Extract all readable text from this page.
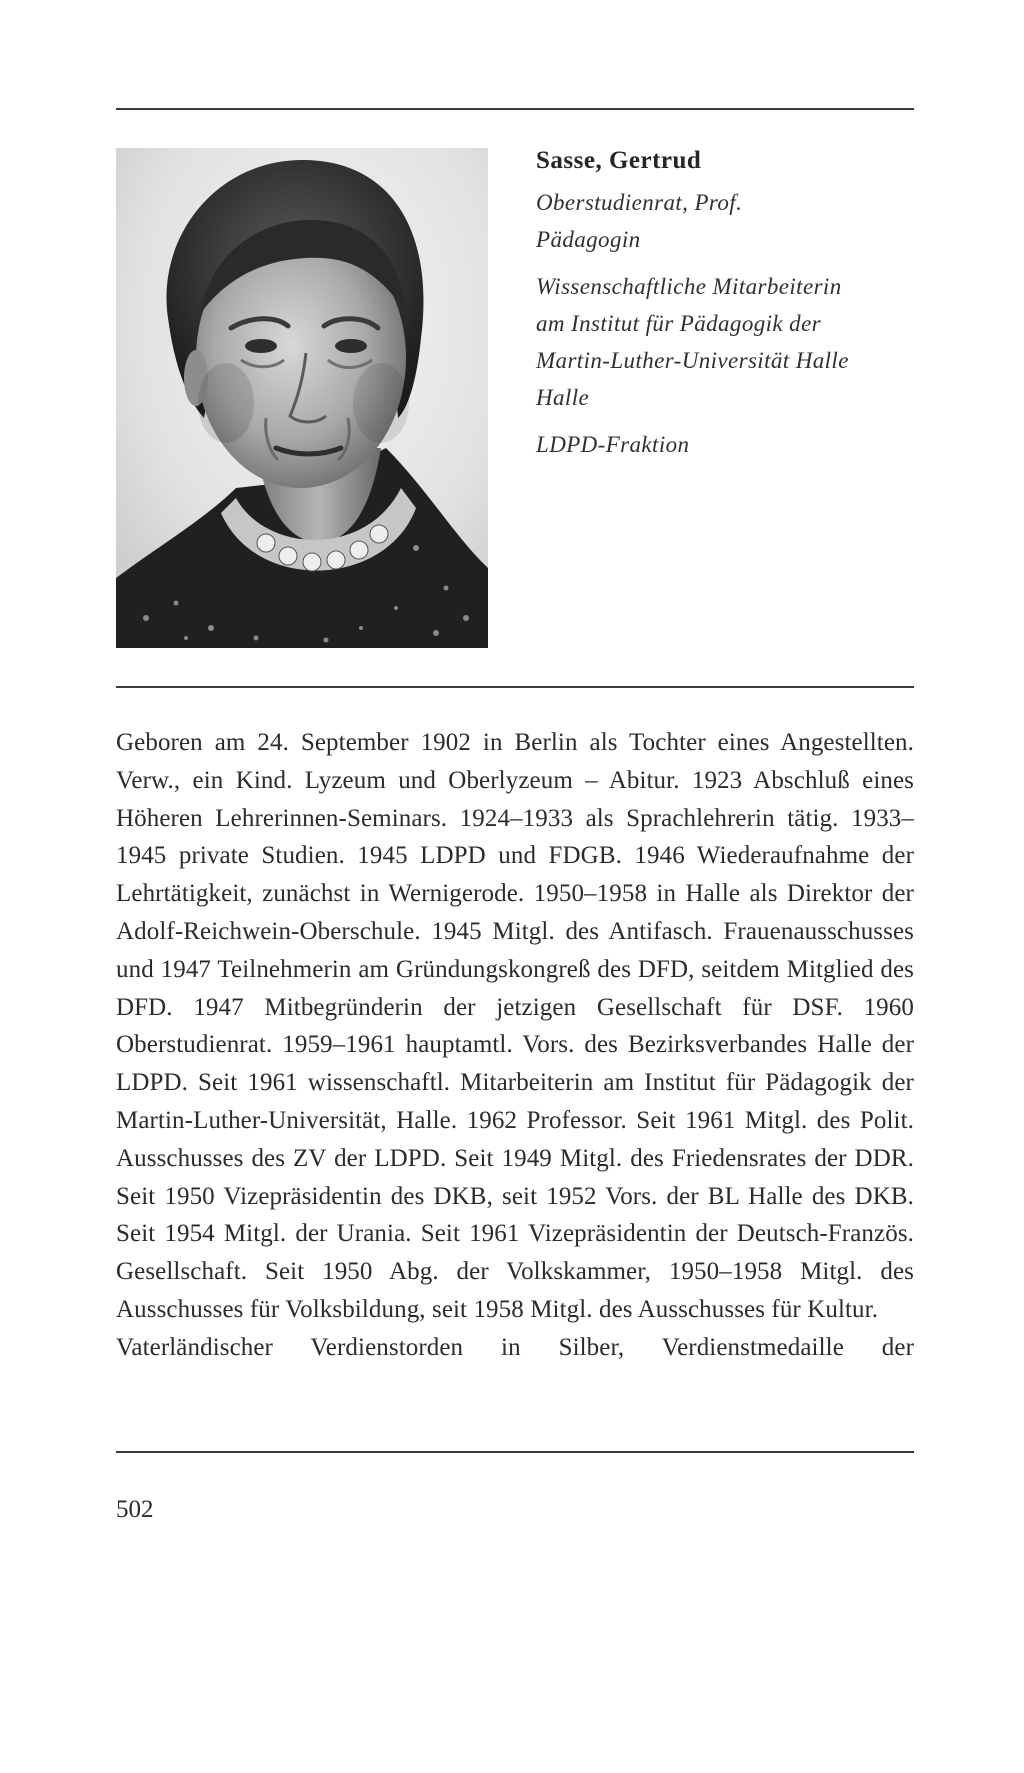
Sasse, Gertrud
Oberstudienrat, Prof.
Pädagogin
Wissenschaftliche Mitarbeiterin
am Institut für Pädagogik der
Martin-Luther-Universität Halle
Halle
LDPD-Fraktion

Geboren am 24. September 1902 in Berlin als Tochter eines Angestellten. Verw., ein Kind. Lyzeum und Oberlyzeum – Abitur. 1923 Abschluß eines Höheren Lehrerinnen-Seminars. 1924–1933 als Sprachlehrerin tätig. 1933–1945 private Studien. 1945 LDPD und FDGB. 1946 Wiederaufnahme der Lehrtätigkeit, zunächst in Wernigerode. 1950–1958 in Halle als Direktor der Adolf-Reichwein-Oberschule. 1945 Mitgl. des Antifasch. Frauenausschusses und 1947 Teilnehmerin am Gründungskongreß des DFD, seitdem Mitglied des DFD. 1947 Mitbegründerin der jetzigen Gesellschaft für DSF. 1960 Oberstudienrat. 1959–1961 hauptamtl. Vors. des Bezirksverbandes Halle der LDPD. Seit 1961 wissenschaftl. Mitarbeiterin am Institut für Pädagogik der Martin-Luther-Universität, Halle. 1962 Professor. Seit 1961 Mitgl. des Polit. Ausschusses des ZV der LDPD. Seit 1949 Mitgl. des Friedensrates der DDR. Seit 1950 Vizepräsidentin des DKB, seit 1952 Vors. der BL Halle des DKB. Seit 1954 Mitgl. der Urania. Seit 1961 Vizepräsidentin der Deutsch-Französ. Gesellschaft. Seit 1950 Abg. der Volkskammer, 1950–1958 Mitgl. des Ausschusses für Volksbildung, seit 1958 Mitgl. des Ausschusses für Kultur.

Vaterländischer Verdienstorden in Silber, Verdienstmedaille der

502
